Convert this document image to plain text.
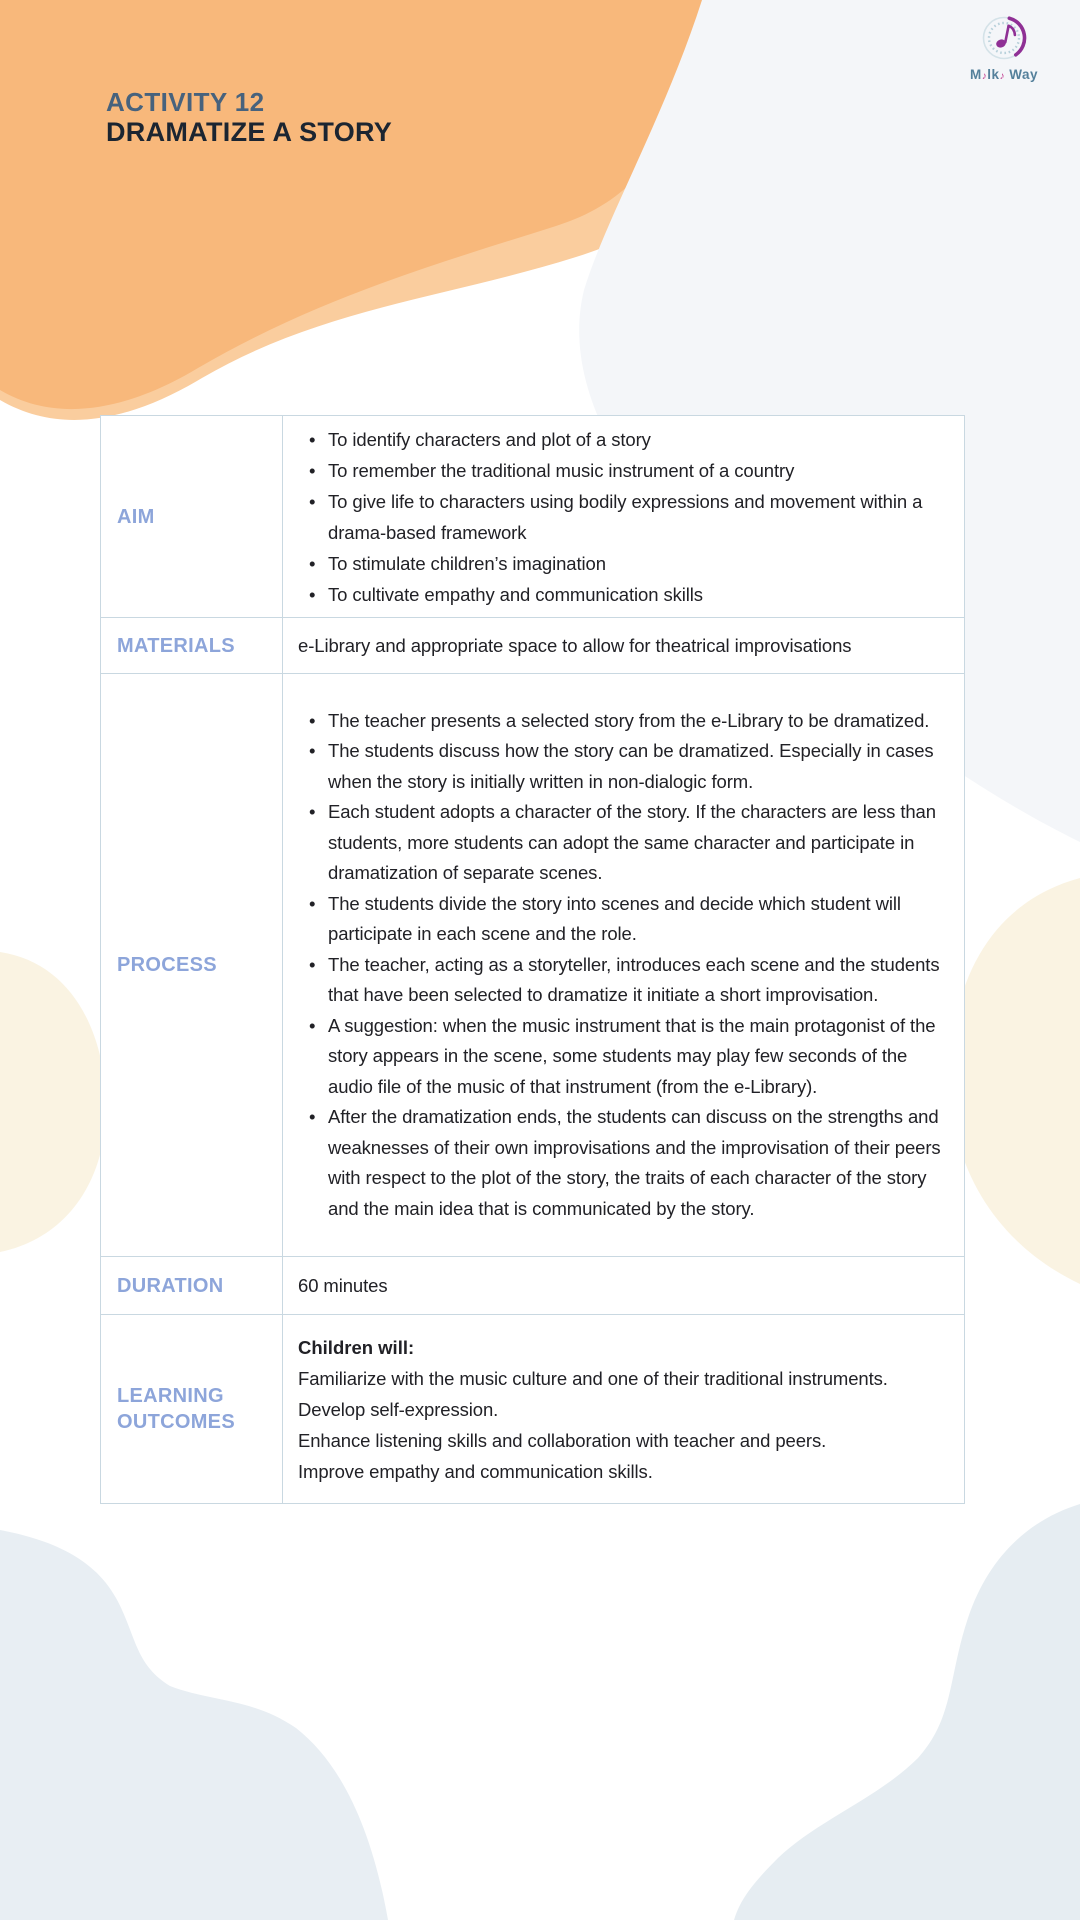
ACTIVITY 12
DRAMATIZE A STORY
M♪lk♪ Way
AIM
• To identify characters and plot of a story
• To remember the traditional music instrument of a country
• To give life to characters using bodily expressions and movement within a drama-based framework
• To stimulate children’s imagination
• To cultivate empathy and communication skills
MATERIALS	e-Library and appropriate space to allow for theatrical improvisations
PROCESS
• The teacher presents a selected story from the e-Library to be dramatized.
• The students discuss how the story can be dramatized. Especially in cases when the story is initially written in non-dialogic form.
• Each student adopts a character of the story. If the characters are less than students, more students can adopt the same character and participate in dramatization of separate scenes.
• The students divide the story into scenes and decide which student will participate in each scene and the role.
• The teacher, acting as a storyteller, introduces each scene and the students that have been selected to dramatize it initiate a short improvisation.
• A suggestion: when the music instrument that is the main protagonist of the story appears in the scene, some students may play few seconds of the audio file of the music of that instrument (from the e-Library).
• After the dramatization ends, the students can discuss on the strengths and weaknesses of their own improvisations and the improvisation of their peers with respect to the plot of the story, the traits of each character of the story and the main idea that is communicated by the story.
DURATION	60 minutes
LEARNING OUTCOMES
Children will:
Familiarize with the music culture and one of their traditional instruments.
Develop self-expression.
Enhance listening skills and collaboration with teacher and peers.
Improve empathy and communication skills.
